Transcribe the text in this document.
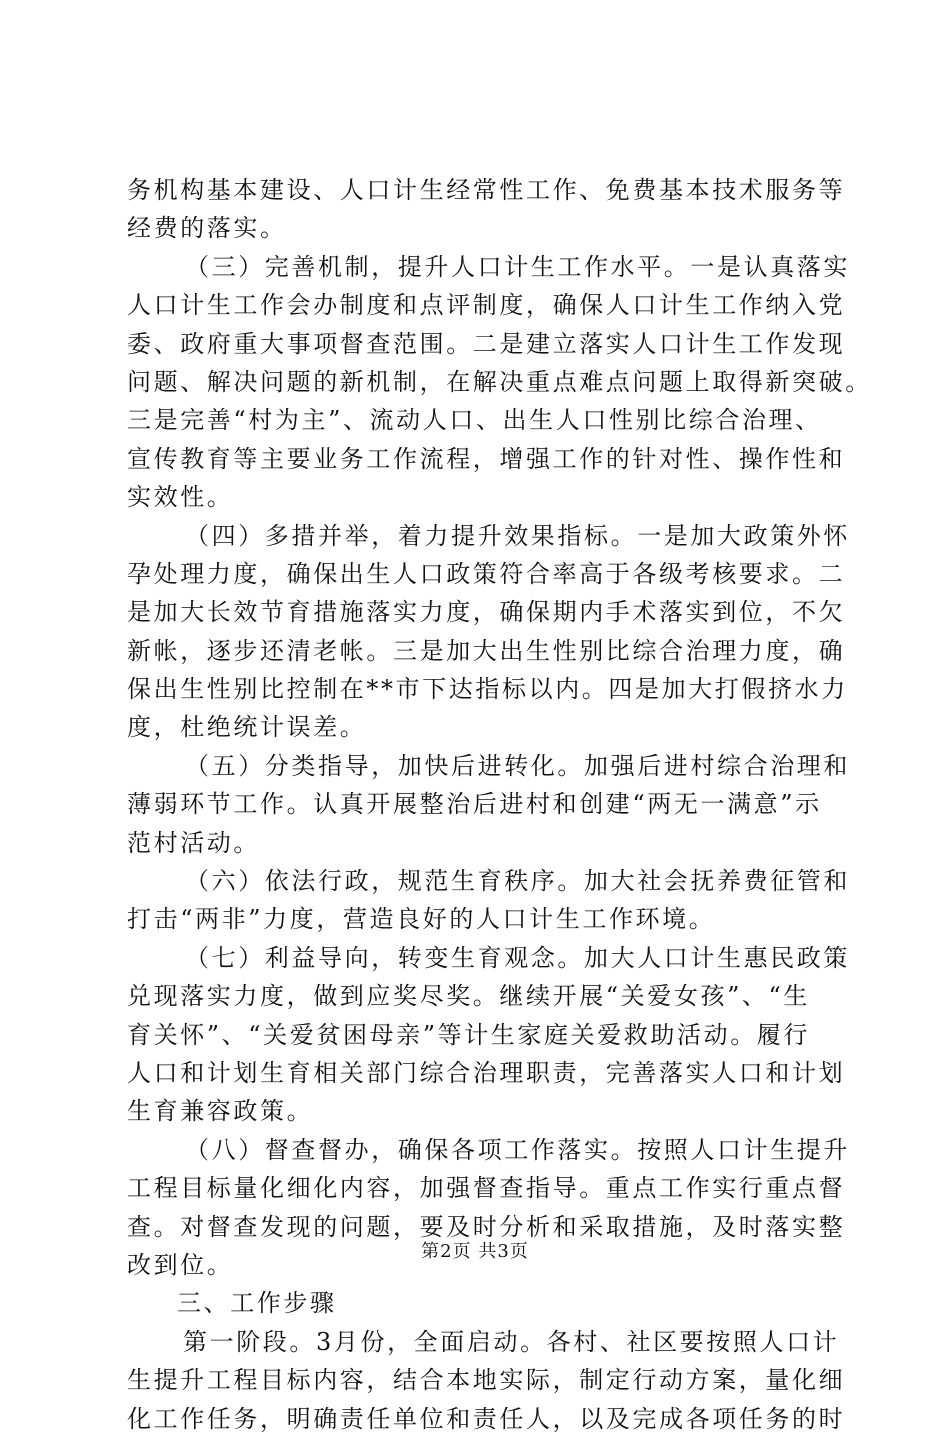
务机构基本建设、人口计生经常性工作、免费基本技术服务等
经费的落实。
（三）完善机制，提升人口计生工作水平。一是认真落实
人口计生工作会办制度和点评制度，确保人口计生工作纳入党
委、政府重大事项督查范围。二是建立落实人口计生工作发现
问题、解决问题的新机制，在解决重点难点问题上取得新突破。
三是完善“村为主”、流动人口、出生人口性别比综合治理、
宣传教育等主要业务工作流程，增强工作的针对性、操作性和
实效性。
（四）多措并举，着力提升效果指标。一是加大政策外怀
孕处理力度，确保出生人口政策符合率高于各级考核要求。二
是加大长效节育措施落实力度，确保期内手术落实到位，不欠
新帐，逐步还清老帐。三是加大出生性别比综合治理力度，确
保出生性别比控制在**市下达指标以内。四是加大打假挤水力
度，杜绝统计误差。
（五）分类指导，加快后进转化。加强后进村综合治理和
薄弱环节工作。认真开展整治后进村和创建“两无一满意”示
范村活动。
（六）依法行政，规范生育秩序。加大社会抚养费征管和
打击“两非”力度，营造良好的人口计生工作环境。
（七）利益导向，转变生育观念。加大人口计生惠民政策
兑现落实力度，做到应奖尽奖。继续开展“关爱女孩”、“生
育关怀”、“关爱贫困母亲”等计生家庭关爱救助活动。履行
人口和计划生育相关部门综合治理职责，完善落实人口和计划
生育兼容政策。
（八）督查督办，确保各项工作落实。按照人口计生提升
工程目标量化细化内容，加强督查指导。重点工作实行重点督
查。对督查发现的问题，要及时分析和采取措施，及时落实整
改到位。
三、工作步骤
第一阶段。3月份，全面启动。各村、社区要按照人口计
生提升工程目标内容，结合本地实际，制定行动方案，量化细
化工作任务，明确责任单位和责任人，以及完成各项任务的时
第2页 共3页
